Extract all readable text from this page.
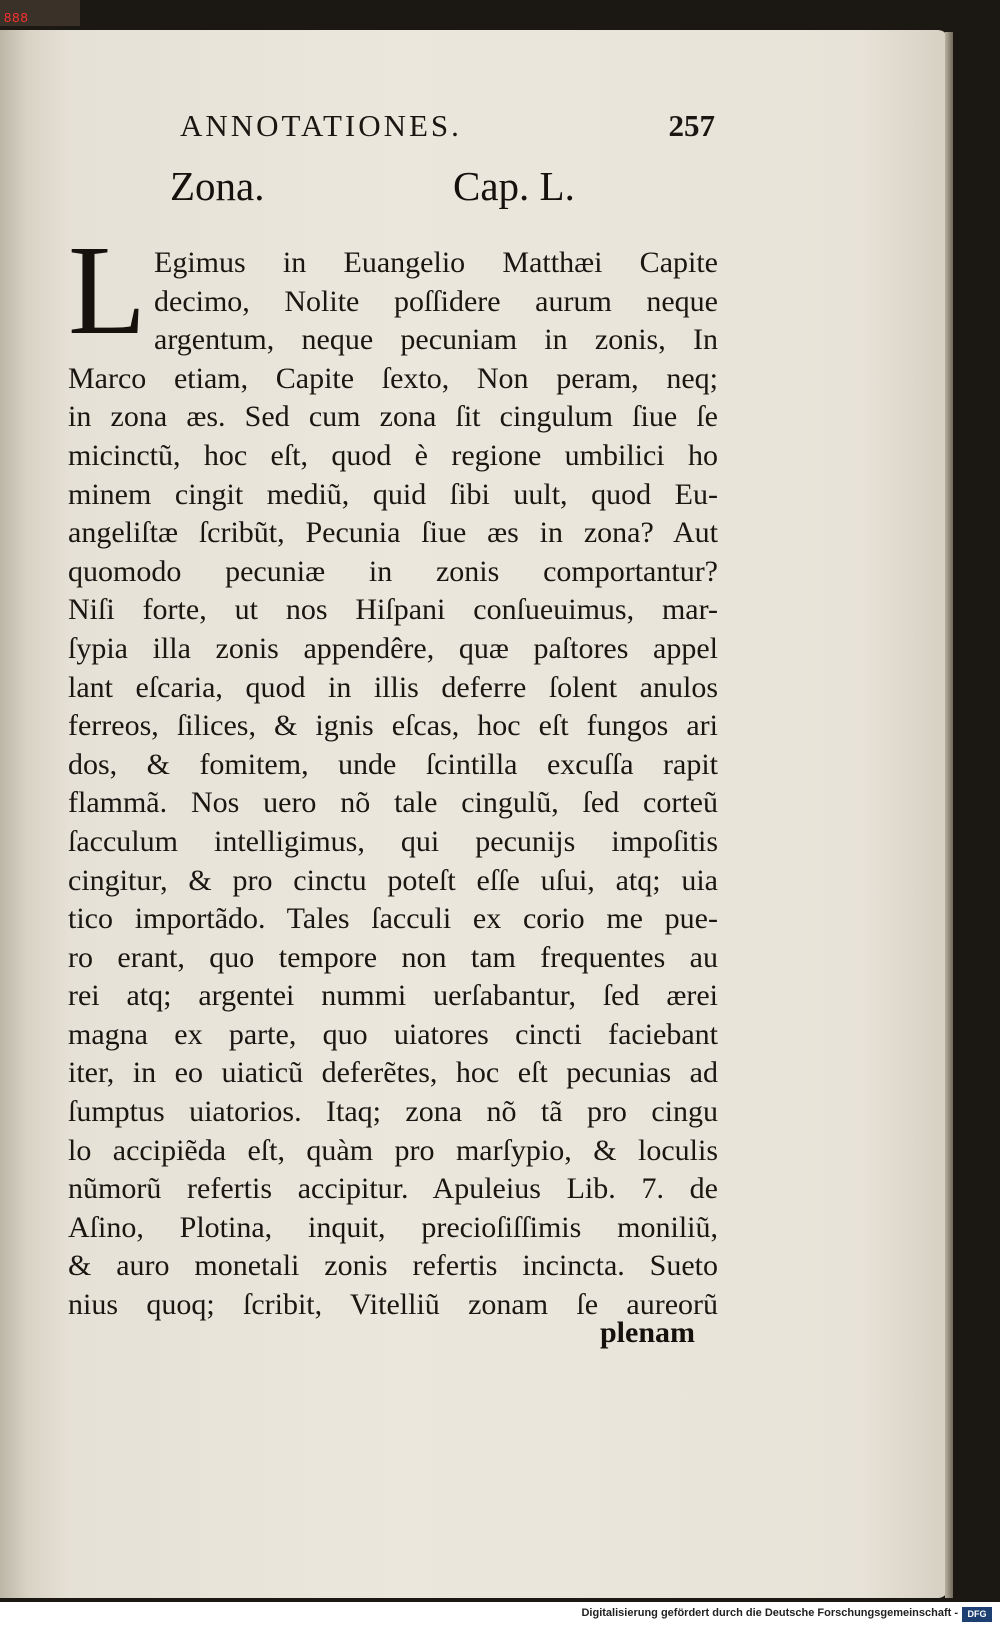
888
ANNOTATIONES.	257
Zona.	Cap. L.
L Egimus in Euangelio Matthæi Capite
decimo, Nolite poſſidere aurum neque
argentum, neque pecuniam in zonis, In
Marco etiam, Capite ſexto, Non peram, neq;
in zona æs. Sed cum zona ſit cingulum ſiue ſe
micinctũ, hoc eſt, quod è regione umbilici ho
minem cingit mediũ, quid ſibi uult, quod Eu-
angeliſtæ ſcribũt, Pecunia ſiue æs in zona? Aut
quomodo pecuniæ in zonis comportantur?
Niſi forte, ut nos Hiſpani conſueuimus, mar-
ſypia illa zonis appendêre, quæ paſtores appel
lant eſcaria, quod in illis deferre ſolent anulos
ferreos, ſilices, & ignis eſcas, hoc eſt fungos ari
dos, & fomitem, unde ſcintilla excuſſa rapit
flammã. Nos uero nõ tale cingulũ, ſed corteũ
ſacculum intelligimus, qui pecunijs impoſitis
cingitur, & pro cinctu poteſt eſſe uſui, atq; uia
tico importãdo. Tales ſacculi ex corio me pue-
ro erant, quo tempore non tam frequentes au
rei atq; argentei nummi uerſabantur, ſed ærei
magna ex parte, quo uiatores cincti faciebant
iter, in eo uiaticũ deferẽtes, hoc eſt pecunias ad
ſumptus uiatorios. Itaq; zona nõ tã pro cingu
lo accipiẽda eſt, quàm pro marſypio, & loculis
nũmorũ refertis accipitur. Apuleius Lib. 7. de
Aſino, Plotina, inquit, precioſiſſimis moniliũ,
& auro monetali zonis refertis incincta. Sueto
nius quoq; ſcribit, Vitelliũ zonam ſe aureorũ
plenam
Digitalisierung gefördert durch die Deutsche Forschungsgemeinschaft -	DFG
